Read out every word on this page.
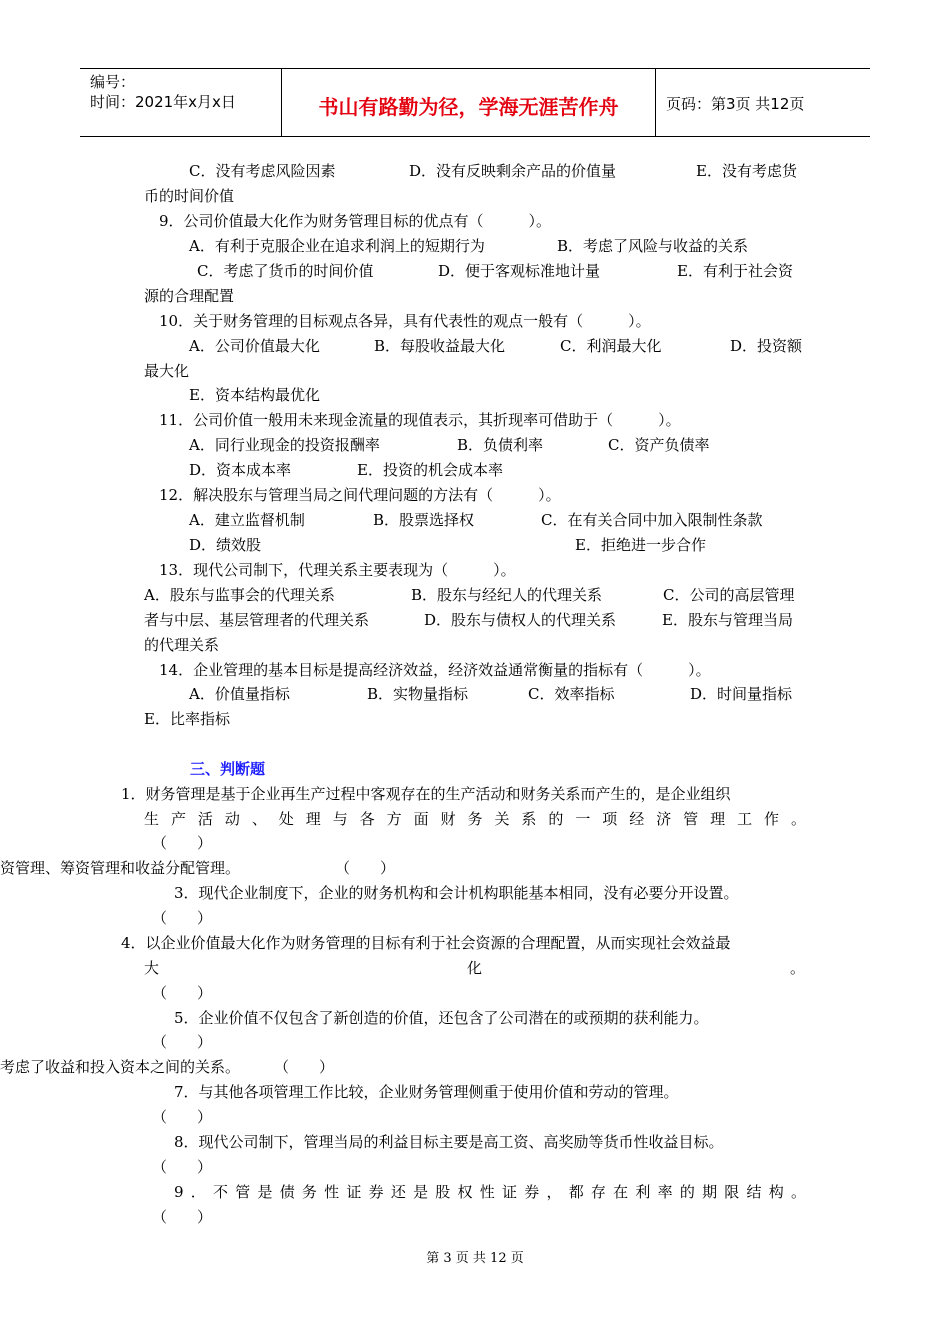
编号：
时间：2021年x月x日	书山有路勤为径，学海无涯苦作舟	页码：第3页 共12页
C．没有考虑风险因素	D．没有反映剩余产品的价值量	E．没有考虑货
币的时间价值
9．公司价值最大化作为财务管理目标的优点有（　　　）。
A．有利于克服企业在追求利润上的短期行为	B．考虑了风险与收益的关系
C．考虑了货币的时间价值	D．便于客观标准地计量	E．有利于社会资
源的合理配置
10．关于财务管理的目标观点各异，具有代表性的观点一般有（　　　）。
A．公司价值最大化	B．每股收益最大化	C．利润最大化	D．投资额
最大化
E．资本结构最优化
11．公司价值一般用未来现金流量的现值表示，其折现率可借助于（　　　）。
A．同行业现金的投资报酬率	B．负债利率	C．资产负债率
D．资本成本率	E．投资的机会成本率
12．解决股东与管理当局之间代理问题的方法有（　　　）。
A．建立监督机制	B．股票选择权	C．在有关合同中加入限制性条款
D．绩效股	E．拒绝进一步合作
13．现代公司制下，代理关系主要表现为（　　　）。
A．股东与监事会的代理关系	B．股东与经纪人的代理关系	C．公司的高层管理
者与中层、基层管理者的代理关系	D．股东与债权人的代理关系	E．股东与管理当局
的代理关系
14．企业管理的基本目标是提高经济效益，经济效益通常衡量的指标有（　　　）。
A．价值量指标	B．实物量指标	C．效率指标	D．时间量指标
E．比率指标
三、判断题
1．财务管理是基于企业再生产过程中客观存在的生产活动和财务关系而产生的，是企业组织
生产活动、处理与各方面财务关系的一项经济管理工作。
（　　）
资管理、筹资管理和收益分配管理。	（　　）
3．现代企业制度下，企业的财务机构和会计机构职能基本相同，没有必要分开设置。
（　　）
4．以企业价值最大化作为财务管理的目标有利于社会资源的合理配置，从而实现社会效益最
大	化	。
（　　）
5．企业价值不仅包含了新创造的价值，还包含了公司潜在的或预期的获利能力。
（　　）
考虑了收益和投入资本之间的关系。 （　　）
7．与其他各项管理工作比较，企业财务管理侧重于使用价值和劳动的管理。
（　　）
8．现代公司制下，管理当局的利益目标主要是高工资、高奖励等货币性收益目标。
（　　）
9．不管是债务性证券还是股权性证券，都存在利率的期限结构。
（　　）
第 3 页 共 12 页
